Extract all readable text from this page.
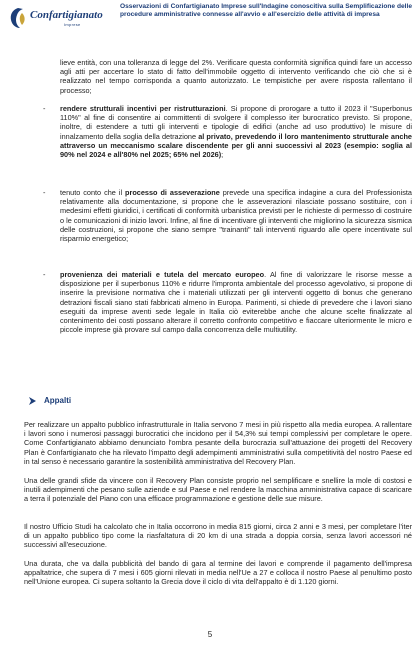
Confartigianato
Imprese
Osservazioni di Confartigianato Imprese sull'Indagine conoscitiva sulla Semplificazione delle procedure amministrative connesse all'avvio e all'esercizio delle attività di impresa
lieve entità, con una tolleranza di legge del 2%. Verificare questa conformità significa quindi fare un accesso agli atti per accertare lo stato di fatto dell'immobile oggetto di intervento verificando che ciò che si è realizzato nel tempo corrisponda a quanto autorizzato. Le tempistiche per avere risposta rallentano il processo;
- rendere strutturali incentivi per ristrutturazioni. Si propone di prorogare a tutto il 2023 il "Superbonus 110%" al fine di consentire ai committenti di svolgere il complesso iter burocratico previsto. Si propone, inoltre, di estendere a tutti gli interventi e tipologie di edifici (anche ad uso produttivo) le misure di innalzamento della soglia della detrazione al privato, prevedendo il loro mantenimento strutturale anche attraverso un meccanismo scalare discendente per gli anni successivi al 2023 (esempio: soglia al 90% nel 2024 e all'80% nel 2025; 65% nel 2026);
- tenuto conto che il processo di asseverazione prevede una specifica indagine a cura del Professionista relativamente alla documentazione, si propone che le asseverazioni rilasciate possano sostituire, con i medesimi effetti giuridici, i certificati di conformità urbanistica previsti per le richieste di permesso di costruire o le comunicazioni di inizio lavori. Infine, al fine di incentivare gli interventi che migliorino la sicurezza sismica delle costruzioni, si propone che siano sempre "trainanti" tali interventi riguardo alle opere incentivate sul risparmio energetico;
- provenienza dei materiali e tutela del mercato europeo. Al fine di valorizzare le risorse messe a disposizione per il superbonus 110% e ridurre l'impronta ambientale del processo agevolativo, si propone di inserire la previsione normativa che i materiali utilizzati per gli interventi oggetto di bonus che generano detrazioni fiscali siano stati fabbricati almeno in Europa. Parimenti, si chiede di prevedere che i lavori siano eseguiti da imprese aventi sede legale in Italia ciò eviterebbe anche che alcune scelte finalizzate al contenimento dei costi possano alterare il corretto confronto competitivo e fiaccare ulteriormente le micro e piccole imprese già provare sul campo dalla concorrenza delle multiutility.
Appalti
Per realizzare un appalto pubblico infrastrutturale in Italia servono 7 mesi in più rispetto alla media europea. A rallentare i lavori sono i numerosi passaggi burocratici che incidono per il 54,3% sui tempi complessivi per completare le opere. Come Confartigianato abbiamo denunciato l'ombra pesante della burocrazia sull'attuazione dei progetti del Recovery Plan è Confartigianato che ha rilevato l'impatto degli adempimenti amministrativi sulla competitività del nostro Paese ed in tal senso è necessario garantire la sostenibilità amministrativa del Recovery Plan.
Una delle grandi sfide da vincere con il Recovery Plan consiste proprio nel semplificare e snellire la mole di costosi e inutili adempimenti che pesano sulle aziende e sul Paese e nel rendere la macchina amministrativa capace di scaricare a terra il potenziale del Piano con una efficace programmazione e gestione delle sue misure.
Il nostro Ufficio Studi ha calcolato che in Italia occorrono in media 815 giorni, circa 2 anni e 3 mesi, per completare l'iter di un appalto pubblico tipo come la riasfaltatura di 20 km di una strada a doppia corsia, senza lavori accessori né successivi all'esecuzione.
Una durata, che va dalla pubblicità del bando di gara al termine dei lavori e comprende il pagamento dell'impresa appaltatrice, che supera di 7 mesi i 605 giorni rilevati in media nell'Ue a 27 e colloca il nostro Paese al penultimo posto nell'Unione europea. Ci supera soltanto la Grecia dove il ciclo di vita dell'appalto è di 1.120 giorni.
5
